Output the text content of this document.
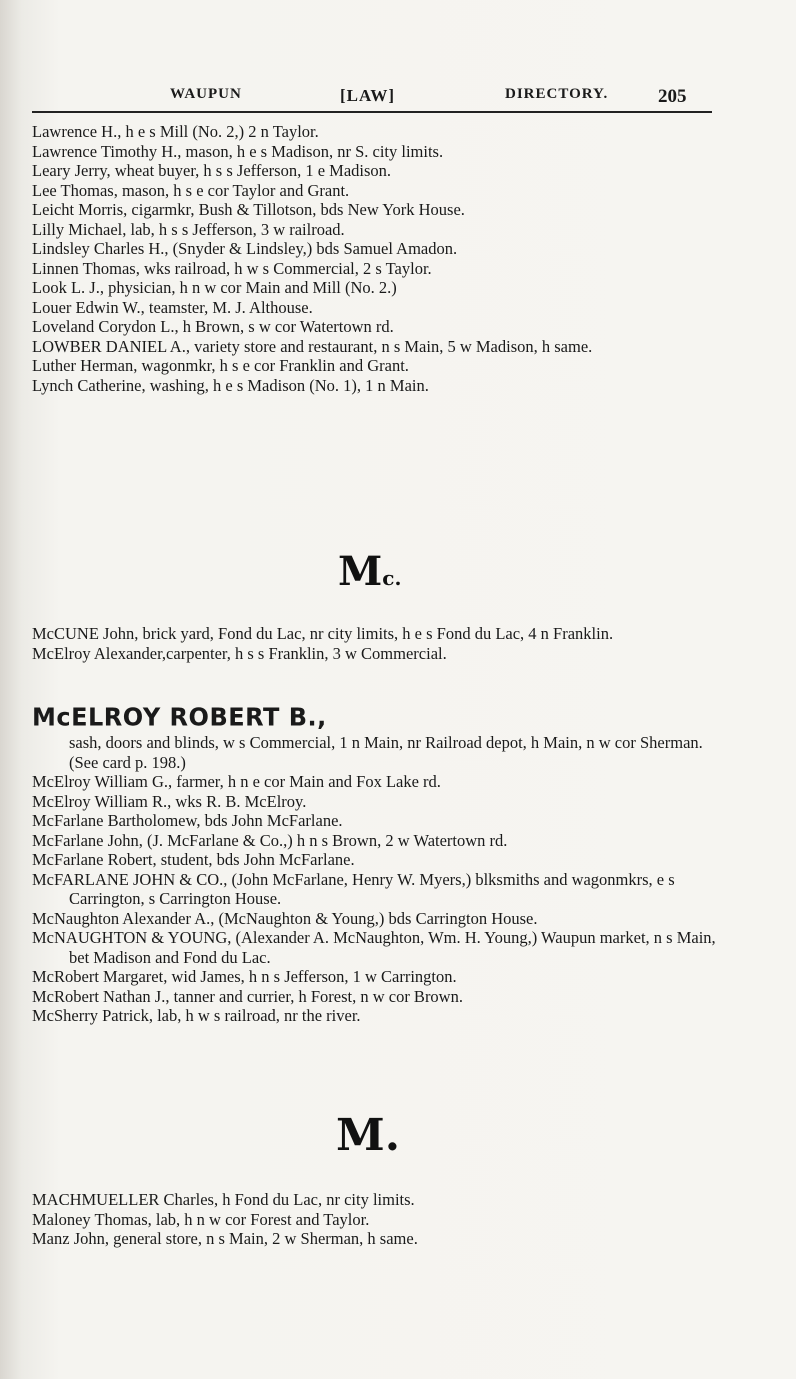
WAUPUN	[LAW]	DIRECTORY.	205

Lawrence H., h e s Mill (No. 2,) 2 n Taylor.

Lawrence Timothy H., mason, h e s Madison, nr S. city limits.

Leary Jerry, wheat buyer, h s s Jefferson, 1 e Madison.

Lee Thomas, mason, h s e cor Taylor and Grant.

Leicht Morris, cigarmkr, Bush & Tillotson, bds New York House.

Lilly Michael, lab, h s s Jefferson, 3 w railroad.

Lindsley Charles H., (Snyder & Lindsley,) bds Samuel Amadon.

Linnen Thomas, wks railroad, h w s Commercial, 2 s Taylor.

Look L. J., physician, h n w cor Main and Mill (No. 2.)

Louer Edwin W., teamster, M. J. Althouse.

Loveland Corydon L., h Brown, s w cor Watertown rd.

LOWBER DANIEL A., variety store and restaurant, n s Main, 5 w Madison, h same.

Luther Herman, wagonmkr, h s e cor Franklin and Grant.

Lynch Catherine, washing, h e s Madison (No. 1), 1 n Main.

Mc.

McCUNE John, brick yard, Fond du Lac, nr city limits, h e s Fond du Lac, 4 n Franklin.

McElroy Alexander,carpenter, h s s Franklin, 3 w Commercial.

McELROY ROBERT B.,

sash, doors and blinds, w s Commercial, 1 n Main, nr Railroad depot, h Main, n w cor Sherman. (See card p. 198.)

McElroy William G., farmer, h n e cor Main and Fox Lake rd.

McElroy William R., wks R. B. McElroy.

McFarlane Bartholomew, bds John McFarlane.

McFarlane John, (J. McFarlane & Co.,) h n s Brown, 2 w Watertown rd.

McFarlane Robert, student, bds John McFarlane.

McFARLANE JOHN & CO., (John McFarlane, Henry W. Myers,) blksmiths and wagonmkrs, e s Carrington, s Carrington House.

McNaughton Alexander A., (McNaughton & Young,) bds Carrington House.

McNAUGHTON & YOUNG, (Alexander A. McNaughton, Wm. H. Young,) Waupun market, n s Main, bet Madison and Fond du Lac.

McRobert Margaret, wid James, h n s Jefferson, 1 w Carrington.

McRobert Nathan J., tanner and currier, h Forest, n w cor Brown.

McSherry Patrick, lab, h w s railroad, nr the river.

M.

MACHMUELLER Charles, h Fond du Lac, nr city limits.

Maloney Thomas, lab, h n w cor Forest and Taylor.

Manz John, general store, n s Main, 2 w Sherman, h same.
